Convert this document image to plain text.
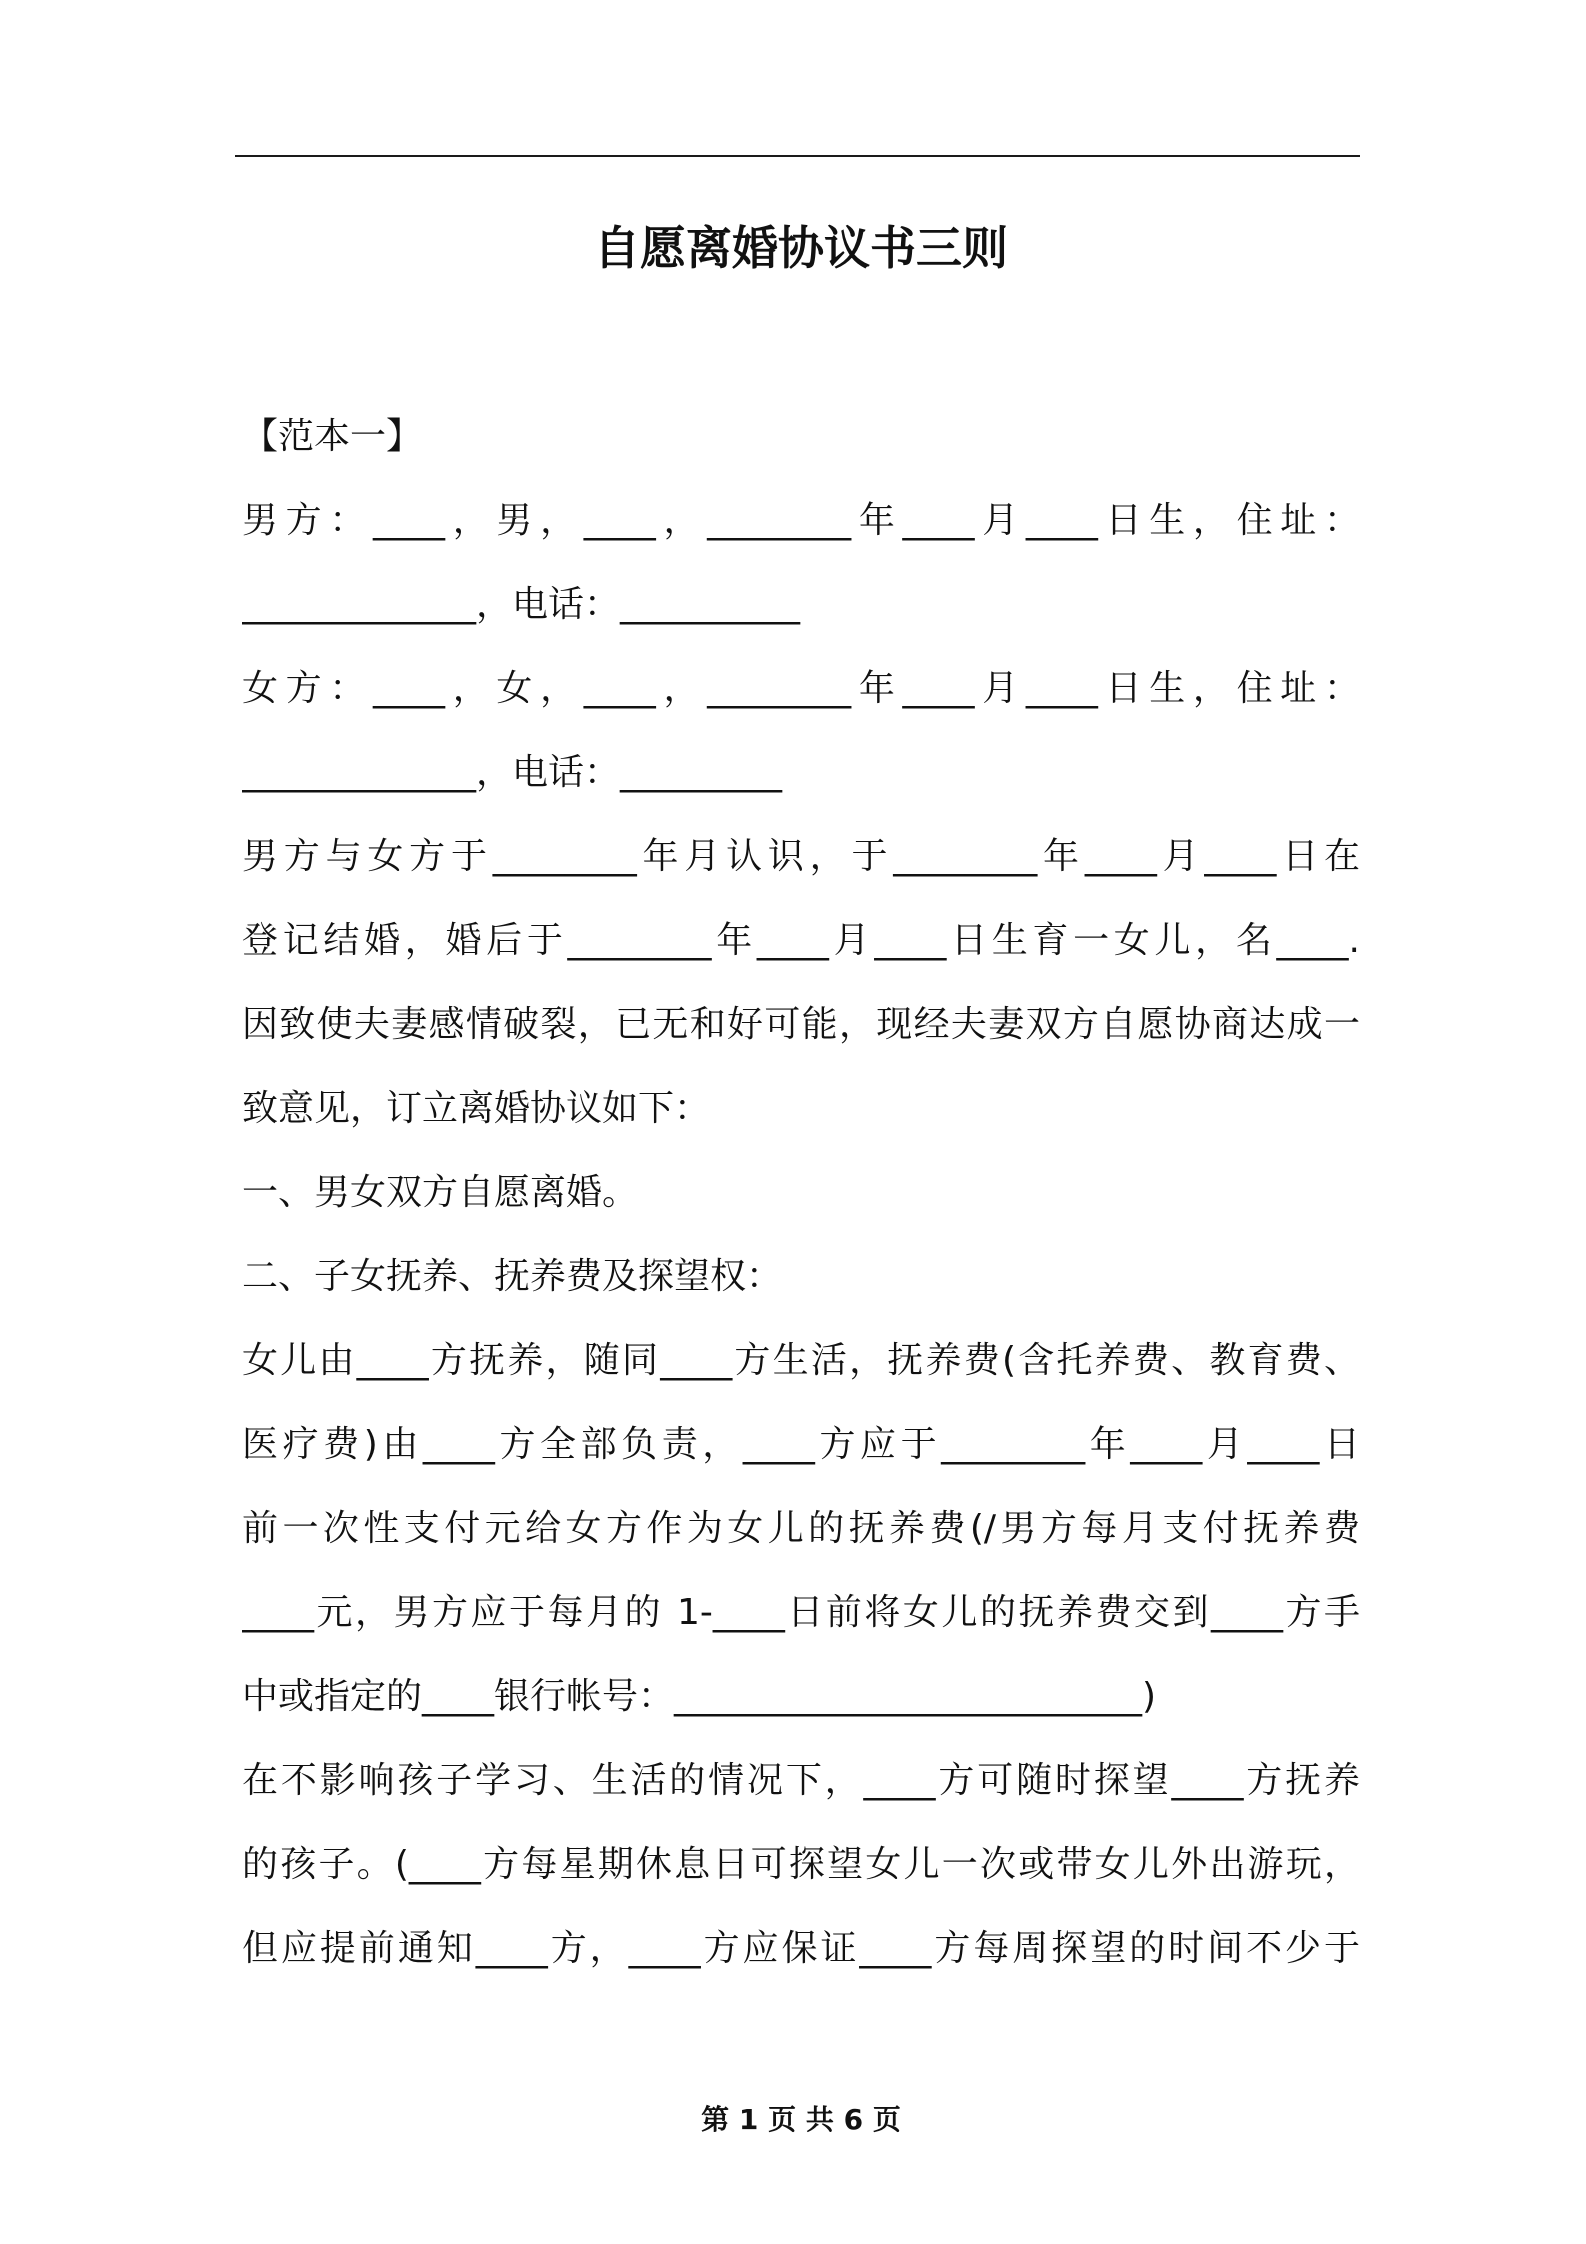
自愿离婚协议书三则
【范本一】
男方：____，男，____，________年____月____日生，住址：
_____________，电话：__________
女方：____，女，____，________年____月____日生，住址：
_____________，电话：_________
男方与女方于________年月认识，于________年____月____日在
登记结婚，婚后于________年____月____日生育一女儿，名____.
因致使夫妻感情破裂，已无和好可能，现经夫妻双方自愿协商达成一
致意见，订立离婚协议如下：
一、男女双方自愿离婚。
二、子女抚养、抚养费及探望权：
女儿由____方抚养，随同____方生活，抚养费(含托养费、教育费、
医疗费)由____方全部负责，____方应于________年____月____日
前一次性支付元给女方作为女儿的抚养费(/男方每月支付抚养费
____元，男方应于每月的 1-____日前将女儿的抚养费交到____方手
中或指定的____银行帐号：__________________________)
在不影响孩子学习、生活的情况下，____方可随时探望____方抚养
的孩子。(____方每星期休息日可探望女儿一次或带女儿外出游玩，
但应提前通知____方，____方应保证____方每周探望的时间不少于
第 1 页 共 6 页
